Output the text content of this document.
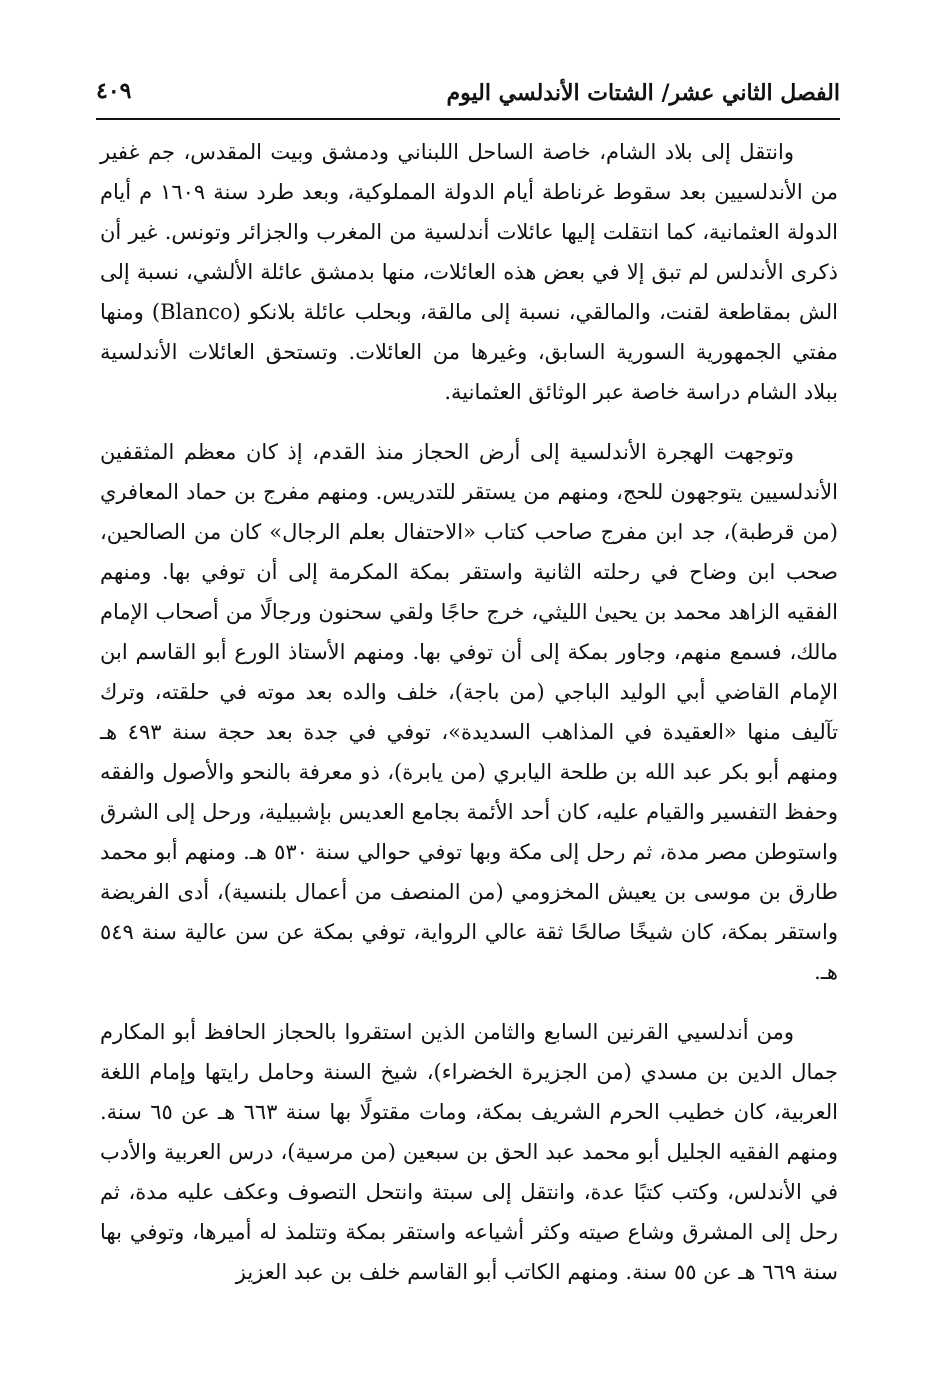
الفصل الثاني عشر/ الشتات الأندلسي اليوم
٤٠٩

وانتقل إلى بلاد الشام، خاصة الساحل اللبناني ودمشق وبيت المقدس، جم غفير من الأندلسيين بعد سقوط غرناطة أيام الدولة المملوكية، وبعد طرد سنة ١٦٠٩ م أيام الدولة العثمانية، كما انتقلت إليها عائلات أندلسية من المغرب والجزائر وتونس. غير أن ذكرى الأندلس لم تبق إلا في بعض هذه العائلات، منها بدمشق عائلة الألشي، نسبة إلى الش بمقاطعة لقنت، والمالقي، نسبة إلى مالقة، وبحلب عائلة بلانكو (Blanco) ومنها مفتي الجمهورية السورية السابق، وغيرها من العائلات. وتستحق العائلات الأندلسية ببلاد الشام دراسة خاصة عبر الوثائق العثمانية.

وتوجهت الهجرة الأندلسية إلى أرض الحجاز منذ القدم، إذ كان معظم المثقفين الأندلسيين يتوجهون للحج، ومنهم من يستقر للتدريس. ومنهم مفرج بن حماد المعافري (من قرطبة)، جد ابن مفرج صاحب كتاب «الاحتفال بعلم الرجال» كان من الصالحين، صحب ابن وضاح في رحلته الثانية واستقر بمكة المكرمة إلى أن توفي بها. ومنهم الفقيه الزاهد محمد بن يحيىٰ الليثي، خرج حاجًا ولقي سحنون ورجالًا من أصحاب الإمام مالك، فسمع منهم، وجاور بمكة إلى أن توفي بها. ومنهم الأستاذ الورع أبو القاسم ابن الإمام القاضي أبي الوليد الباجي (من باجة)، خلف والده بعد موته في حلقته، وترك تآليف منها «العقيدة في المذاهب السديدة»، توفي في جدة بعد حجة سنة ٤٩٣ هـ ومنهم أبو بكر عبد الله بن طلحة اليابري (من يابرة)، ذو معرفة بالنحو والأصول والفقه وحفظ التفسير والقيام عليه، كان أحد الأئمة بجامع العديس بإشبيلية، ورحل إلى الشرق واستوطن مصر مدة، ثم رحل إلى مكة وبها توفي حوالي سنة ٥٣٠ هـ. ومنهم أبو محمد طارق بن موسى بن يعيش المخزومي (من المنصف من أعمال بلنسية)، أدى الفريضة واستقر بمكة، كان شيخًا صالحًا ثقة عالي الرواية، توفي بمكة عن سن عالية سنة ٥٤٩ هـ.

ومن أندلسيي القرنين السابع والثامن الذين استقروا بالحجاز الحافظ أبو المكارم جمال الدين بن مسدي (من الجزيرة الخضراء)، شيخ السنة وحامل رايتها وإمام اللغة العربية، كان خطيب الحرم الشريف بمكة، ومات مقتولًا بها سنة ٦٦٣ هـ عن ٦٥ سنة. ومنهم الفقيه الجليل أبو محمد عبد الحق بن سبعين (من مرسية)، درس العربية والأدب في الأندلس، وكتب كتبًا عدة، وانتقل إلى سبتة وانتحل التصوف وعكف عليه مدة، ثم رحل إلى المشرق وشاع صيته وكثر أشياعه واستقر بمكة وتتلمذ له أميرها، وتوفي بها سنة ٦٦٩ هـ عن ٥٥ سنة. ومنهم الكاتب أبو القاسم خلف بن عبد العزيز
